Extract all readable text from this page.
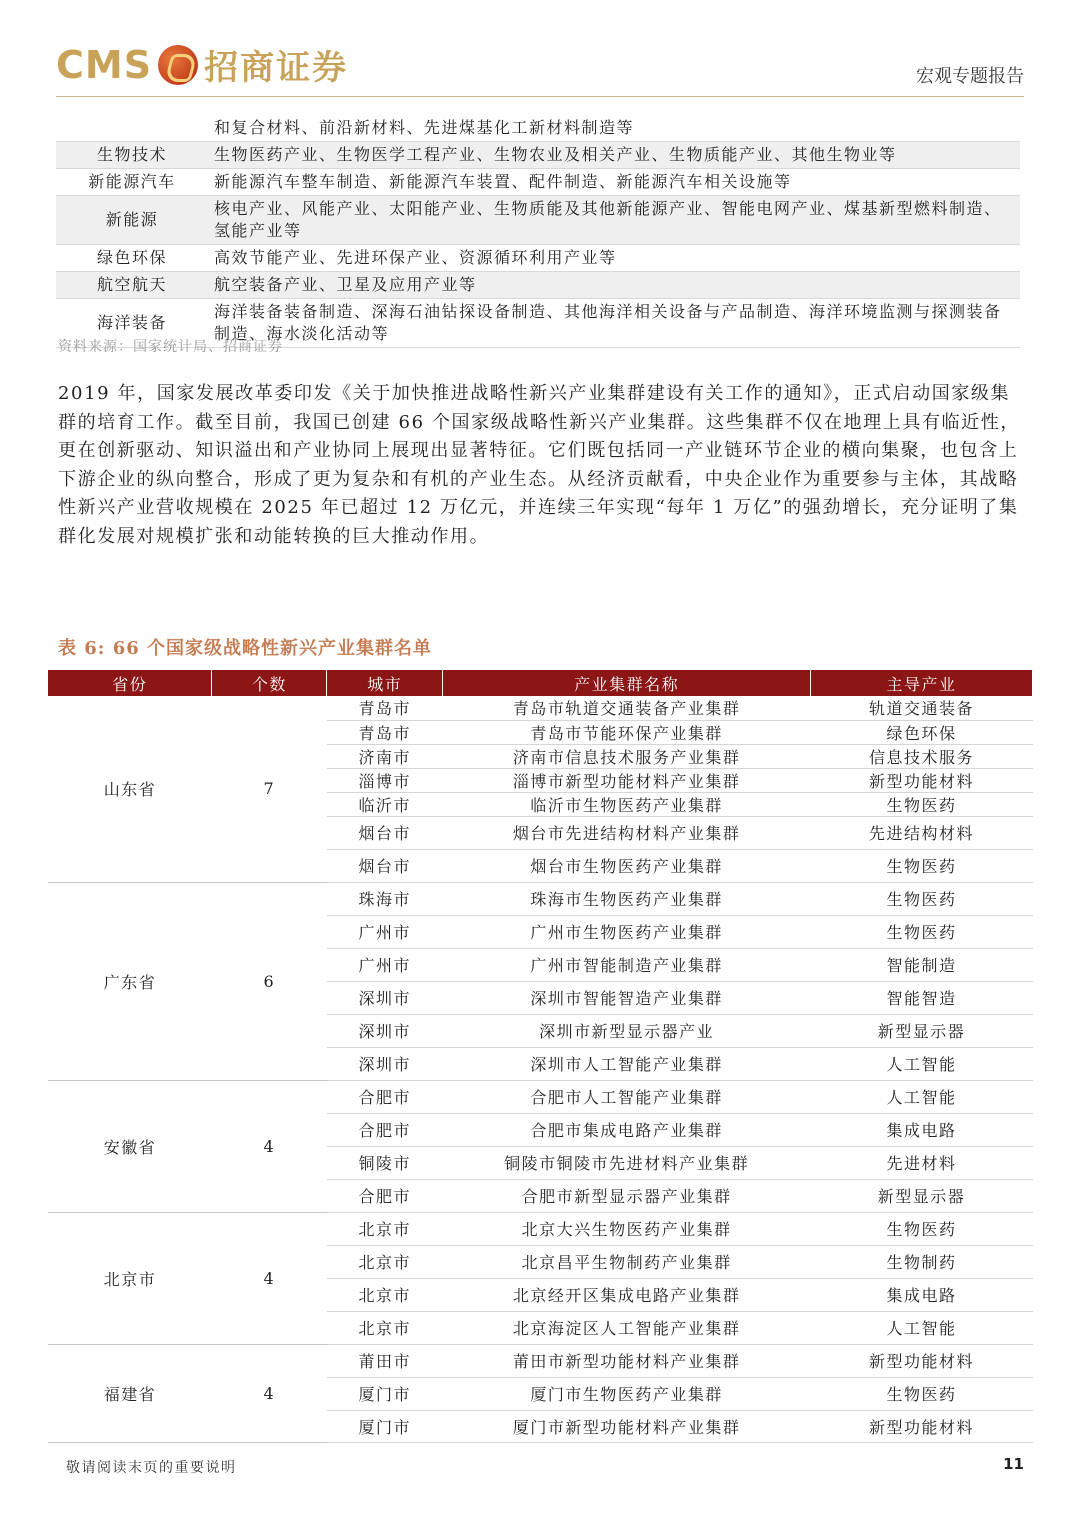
CMS 招商证券	宏观专题报告
	和复合材料、前沿新材料、先进煤基化工新材料制造等
生物技术	生物医药产业、生物医学工程产业、生物农业及相关产业、生物质能产业、其他生物业等
新能源汽车	新能源汽车整车制造、新能源汽车装置、配件制造、新能源汽车相关设施等
新能源	核电产业、风能产业、太阳能产业、生物质能及其他新能源产业、智能电网产业、煤基新型燃料制造、氢能产业等
绿色环保	高效节能产业、先进环保产业、资源循环利用产业等
航空航天	航空装备产业、卫星及应用产业等
海洋装备	海洋装备装备制造、深海石油钻探设备制造、其他海洋相关设备与产品制造、海洋环境监测与探测装备制造、海水淡化活动等
资料来源：国家统计局、招商证券
2019 年，国家发展改革委印发《关于加快推进战略性新兴产业集群建设有关工作的通知》，正式启动国家级集群的培育工作。截至目前，我国已创建 66 个国家级战略性新兴产业集群。这些集群不仅在地理上具有临近性，更在创新驱动、知识溢出和产业协同上展现出显著特征。它们既包括同一产业链环节企业的横向集聚，也包含上下游企业的纵向整合，形成了更为复杂和有机的产业生态。从经济贡献看，中央企业作为重要参与主体，其战略性新兴产业营收规模在 2025 年已超过 12 万亿元，并连续三年实现“每年 1 万亿”的强劲增长，充分证明了集群化发展对规模扩张和动能转换的巨大推动作用。
表 6: 66 个国家级战略性新兴产业集群名单
省份	个数	城市	产业集群名称	主导产业
山东省	7	青岛市	青岛市轨道交通装备产业集群	轨道交通装备
		青岛市	青岛市节能环保产业集群	绿色环保
		济南市	济南市信息技术服务产业集群	信息技术服务
		淄博市	淄博市新型功能材料产业集群	新型功能材料
		临沂市	临沂市生物医药产业集群	生物医药
		烟台市	烟台市先进结构材料产业集群	先进结构材料
		烟台市	烟台市生物医药产业集群	生物医药
广东省	6	珠海市	珠海市生物医药产业集群	生物医药
		广州市	广州市生物医药产业集群	生物医药
		广州市	广州市智能制造产业集群	智能制造
		深圳市	深圳市智能智造产业集群	智能智造
		深圳市	深圳市新型显示器产业	新型显示器
		深圳市	深圳市人工智能产业集群	人工智能
安徽省	4	合肥市	合肥市人工智能产业集群	人工智能
		合肥市	合肥市集成电路产业集群	集成电路
		铜陵市	铜陵市铜陵市先进材料产业集群	先进材料
		合肥市	合肥市新型显示器产业集群	新型显示器
北京市	4	北京市	北京大兴生物医药产业集群	生物医药
		北京市	北京昌平生物制药产业集群	生物制药
		北京市	北京经开区集成电路产业集群	集成电路
		北京市	北京海淀区人工智能产业集群	人工智能
福建省	4	莆田市	莆田市新型功能材料产业集群	新型功能材料
		厦门市	厦门市生物医药产业集群	生物医药
		厦门市	厦门市新型功能材料产业集群	新型功能材料
敬请阅读末页的重要说明	11
